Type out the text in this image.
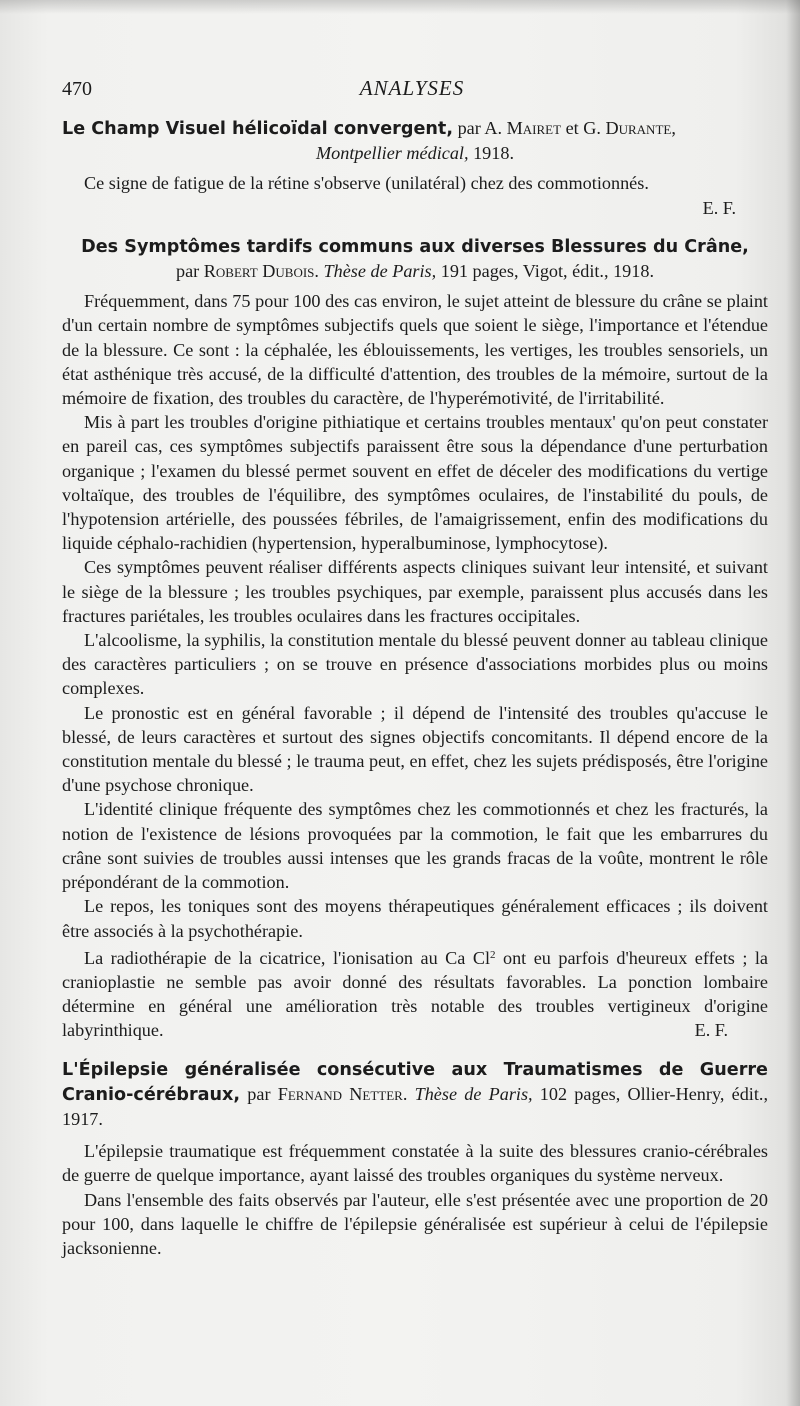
470	ANALYSES

Le Champ Visuel hélicoïdal convergent, par A. Mairet et G. Durante,

Montpellier médical, 1918.

Ce signe de fatigue de la rétine s'observe (unilatéral) chez des commotionnés.

E. F.

Des Symptômes tardifs communs aux diverses Blessures du Crâne,

par Robert Dubois. Thèse de Paris, 191 pages, Vigot, édit., 1918.

Fréquemment, dans 75 pour 100 des cas environ, le sujet atteint de blessure du crâne se plaint d'un certain nombre de symptômes subjectifs quels que soient le siège, l'importance et l'étendue de la blessure. Ce sont : la céphalée, les éblouissements, les vertiges, les troubles sensoriels, un état asthénique très accusé, de la difficulté d'attention, des troubles de la mémoire, surtout de la mémoire de fixation, des troubles du caractère, de l'hyperémotivité, de l'irritabilité.

Mis à part les troubles d'origine pithiatique et certains troubles mentaux' qu'on peut constater en pareil cas, ces symptômes subjectifs paraissent être sous la dépendance d'une perturbation organique ; l'examen du blessé permet souvent en effet de déceler des modifications du vertige voltaïque, des troubles de l'équilibre, des symptômes oculaires, de l'instabilité du pouls, de l'hypotension artérielle, des poussées fébriles, de l'amaigrissement, enfin des modifications du liquide céphalo-rachidien (hypertension, hyperalbuminose, lymphocytose).

Ces symptômes peuvent réaliser différents aspects cliniques suivant leur intensité, et suivant le siège de la blessure ; les troubles psychiques, par exemple, paraissent plus accusés dans les fractures pariétales, les troubles oculaires dans les fractures occipitales.

L'alcoolisme, la syphilis, la constitution mentale du blessé peuvent donner au tableau clinique des caractères particuliers ; on se trouve en présence d'associations morbides plus ou moins complexes.

Le pronostic est en général favorable ; il dépend de l'intensité des troubles qu'accuse le blessé, de leurs caractères et surtout des signes objectifs concomitants. Il dépend encore de la constitution mentale du blessé ; le trauma peut, en effet, chez les sujets prédisposés, être l'origine d'une psychose chronique.

L'identité clinique fréquente des symptômes chez les commotionnés et chez les fracturés, la notion de l'existence de lésions provoquées par la commotion, le fait que les embarrures du crâne sont suivies de troubles aussi intenses que les grands fracas de la voûte, montrent le rôle prépondérant de la commotion.

Le repos, les toniques sont des moyens thérapeutiques généralement efficaces ; ils doivent être associés à la psychothérapie.

La radiothérapie de la cicatrice, l'ionisation au Ca Cl$^2$ ont eu parfois d'heureux effets ; la cranioplastie ne semble pas avoir donné des résultats favorables. La ponction lombaire détermine en général une amélioration très notable des troubles vertigineux d'origine labyrinthique.	E. F.

L'Épilepsie généralisée consécutive aux Traumatismes de Guerre Cranio-cérébraux, par Fernand Netter. Thèse de Paris, 102 pages, Ollier-Henry, édit., 1917.

L'épilepsie traumatique est fréquemment constatée à la suite des blessures cranio-cérébrales de guerre de quelque importance, ayant laissé des troubles organiques du système nerveux.

Dans l'ensemble des faits observés par l'auteur, elle s'est présentée avec une proportion de 20 pour 100, dans laquelle le chiffre de l'épilepsie généralisée est supérieur à celui de l'épilepsie jacksonienne.
